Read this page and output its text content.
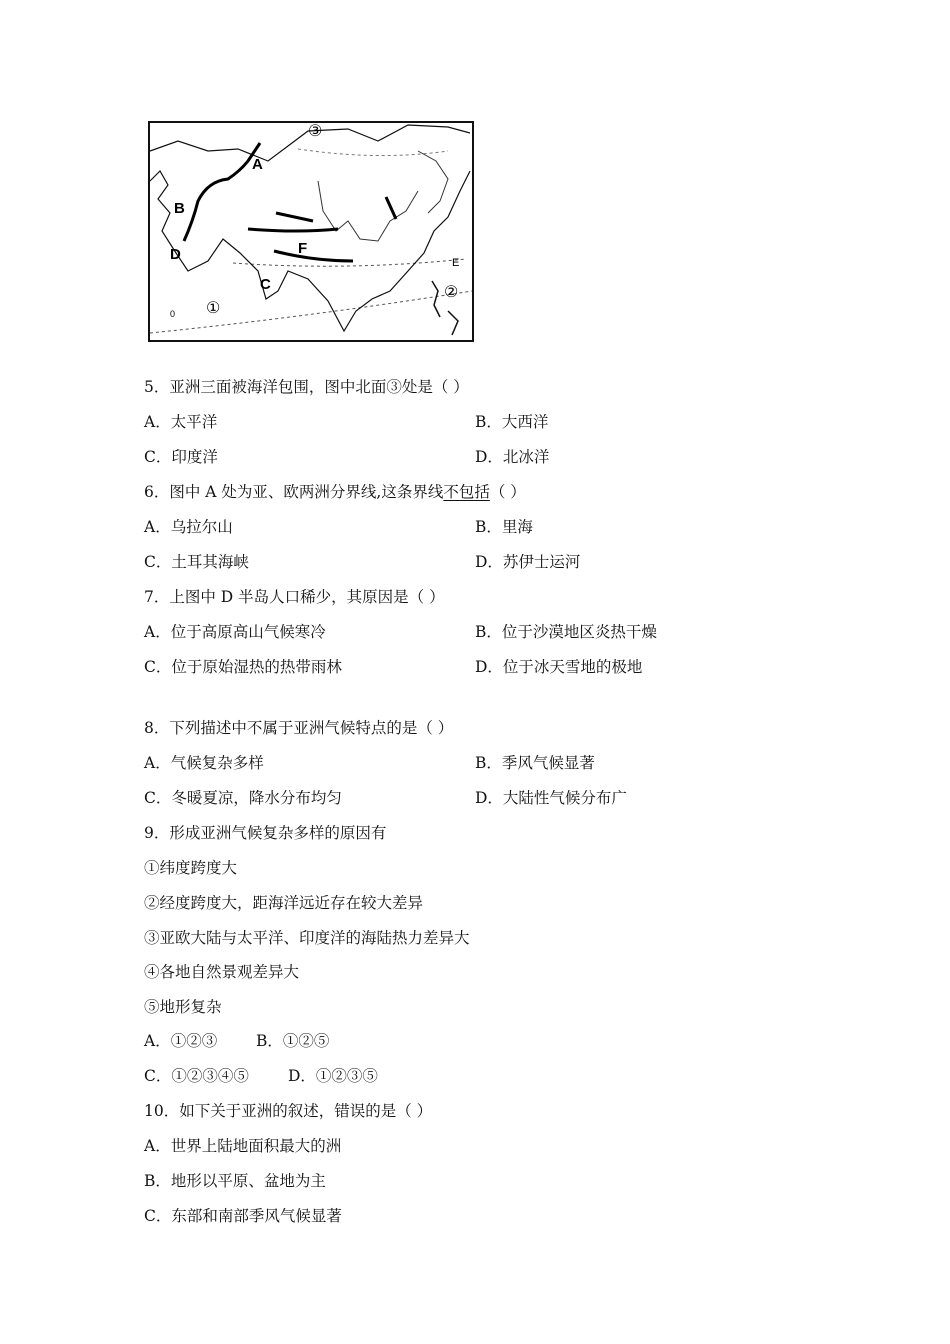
A
B
C
D	E
F
①
②
③
0
5．亚洲三面被海洋包围，图中北面③处是（ ）
A．太平洋	B．大西洋
C．印度洋	D．北冰洋
6．图中 A 处为亚、欧两洲分界线,这条界线不包括（ ）
A．乌拉尔山	B．里海
C．土耳其海峡	D．苏伊士运河
7．上图中 D 半岛人口稀少，其原因是（ ）
A．位于高原高山气候寒冷	B．位于沙漠地区炎热干燥
C．位于原始湿热的热带雨林	D．位于冰天雪地的极地
8．下列描述中不属于亚洲气候特点的是（ ）
A．气候复杂多样	B．季风气候显著
C．冬暖夏凉，降水分布均匀	D．大陆性气候分布广
9．形成亚洲气候复杂多样的原因有
①纬度跨度大
②经度跨度大，距海洋远近存在较大差异
③亚欧大陆与太平洋、印度洋的海陆热力差异大
④各地自然景观差异大
⑤地形复杂
A．①②③	B．①②⑤
C．①②③④⑤	D．①②③⑤
10．如下关于亚洲的叙述，错误的是（ ）
A．世界上陆地面积最大的洲
B．地形以平原、盆地为主
C．东部和南部季风气候显著
